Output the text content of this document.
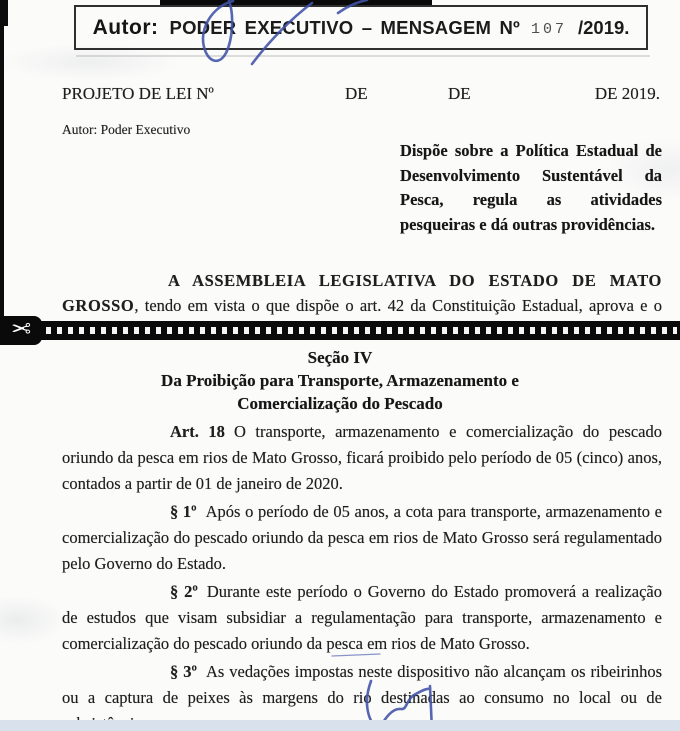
Autor: PODER EXECUTIVO – MENSAGEM Nº 107 /2019.
PROJETO DE LEI Nº	DE	DE	DE 2019.
Autor: Poder Executivo
Dispõe sobre a Política Estadual de
Desenvolvimento Sustentável da
Pesca, regula as atividades
pesqueiras e dá outras providências.

A ASSEMBLEIA LEGISLATIVA DO ESTADO DE MATO GROSSO, tendo em vista o que dispõe o art. 42 da Constituição Estadual, aprova e o

✂
Seção IV
Da Proibição para Transporte, Armazenamento e
Comercialização do Pescado

Art. 18 O transporte, armazenamento e comercialização do pescado oriundo da pesca em rios de Mato Grosso, ficará proibido pelo período de 05 (cinco) anos, contados a partir de 01 de janeiro de 2020.

§ 1º Após o período de 05 anos, a cota para transporte, armazenamento e comercialização do pescado oriundo da pesca em rios de Mato Grosso será regulamentado pelo Governo do Estado.

§ 2º Durante este período o Governo do Estado promoverá a realização de estudos que visam subsidiar a regulamentação para transporte, armazenamento e comercialização do pescado oriundo da pesca em rios de Mato Grosso.

§ 3º As vedações impostas neste dispositivo não alcançam os ribeirinhos ou a captura de peixes às margens do rio destinadas ao consumo no local ou de
